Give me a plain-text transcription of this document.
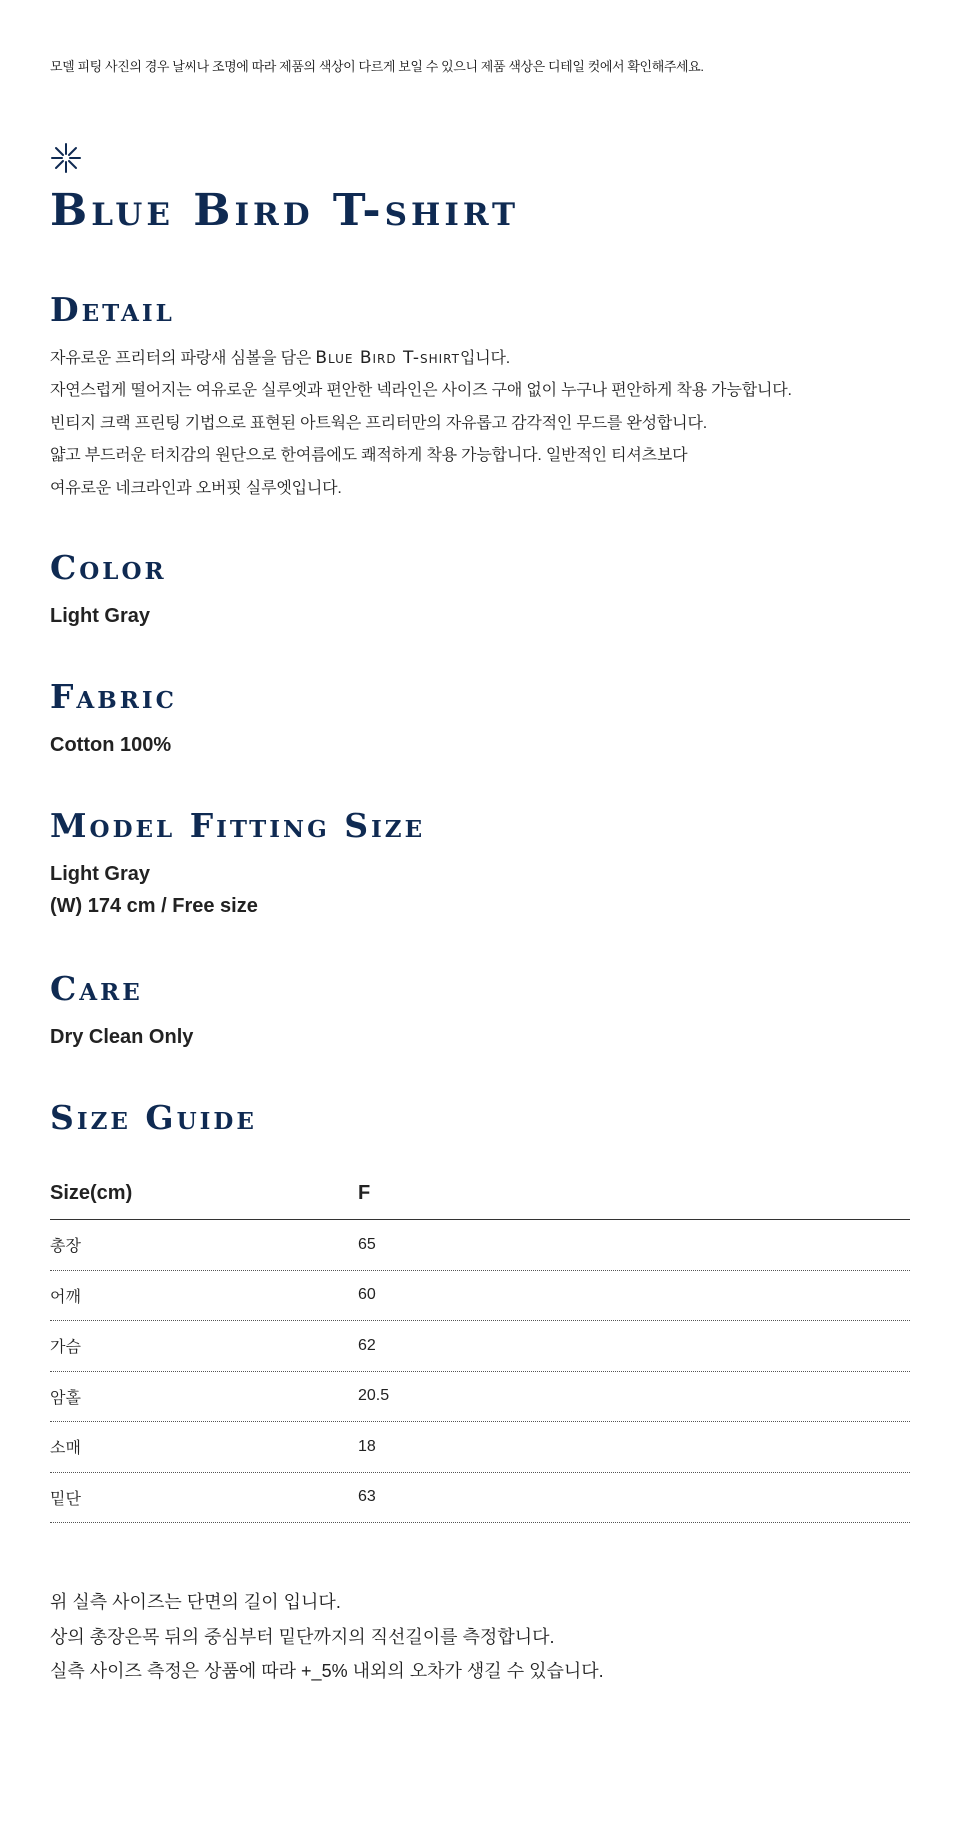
모델 피팅 사진의 경우 날씨나 조명에 따라 제품의 색상이 다르게 보일 수 있으니 제품 색상은 디테일 컷에서 확인해주세요.
Blue Bird T-shirt
Detail
자유로운 프리터의 파랑새 심볼을 담은 Blue Bird T-shirt입니다.
자연스럽게 떨어지는 여유로운 실루엣과 편안한 넥라인은 사이즈 구애 없이 누구나 편안하게 착용 가능합니다.
빈티지 크랙 프린팅 기법으로 표현된 아트웍은 프리터만의 자유롭고 감각적인 무드를 완성합니다.
얇고 부드러운 터치감의 원단으로 한여름에도 쾌적하게 착용 가능합니다. 일반적인 티셔츠보다
여유로운 네크라인과 오버핏 실루엣입니다.
Color
Light Gray
Fabric
Cotton 100%
Model Fitting Size
Light Gray
(W) 174 cm / Free size
Care
Dry Clean Only
Size Guide
Size(cm)	F
총장	65
어깨	60
가슴	62
암홀	20.5
소매	18
밑단	63
위 실측 사이즈는 단면의 길이 입니다.
상의 총장은목 뒤의 중심부터 밑단까지의 직선길이를 측정합니다.
실측 사이즈 측정은 상품에 따라 +_5% 내외의 오차가 생길 수 있습니다.
